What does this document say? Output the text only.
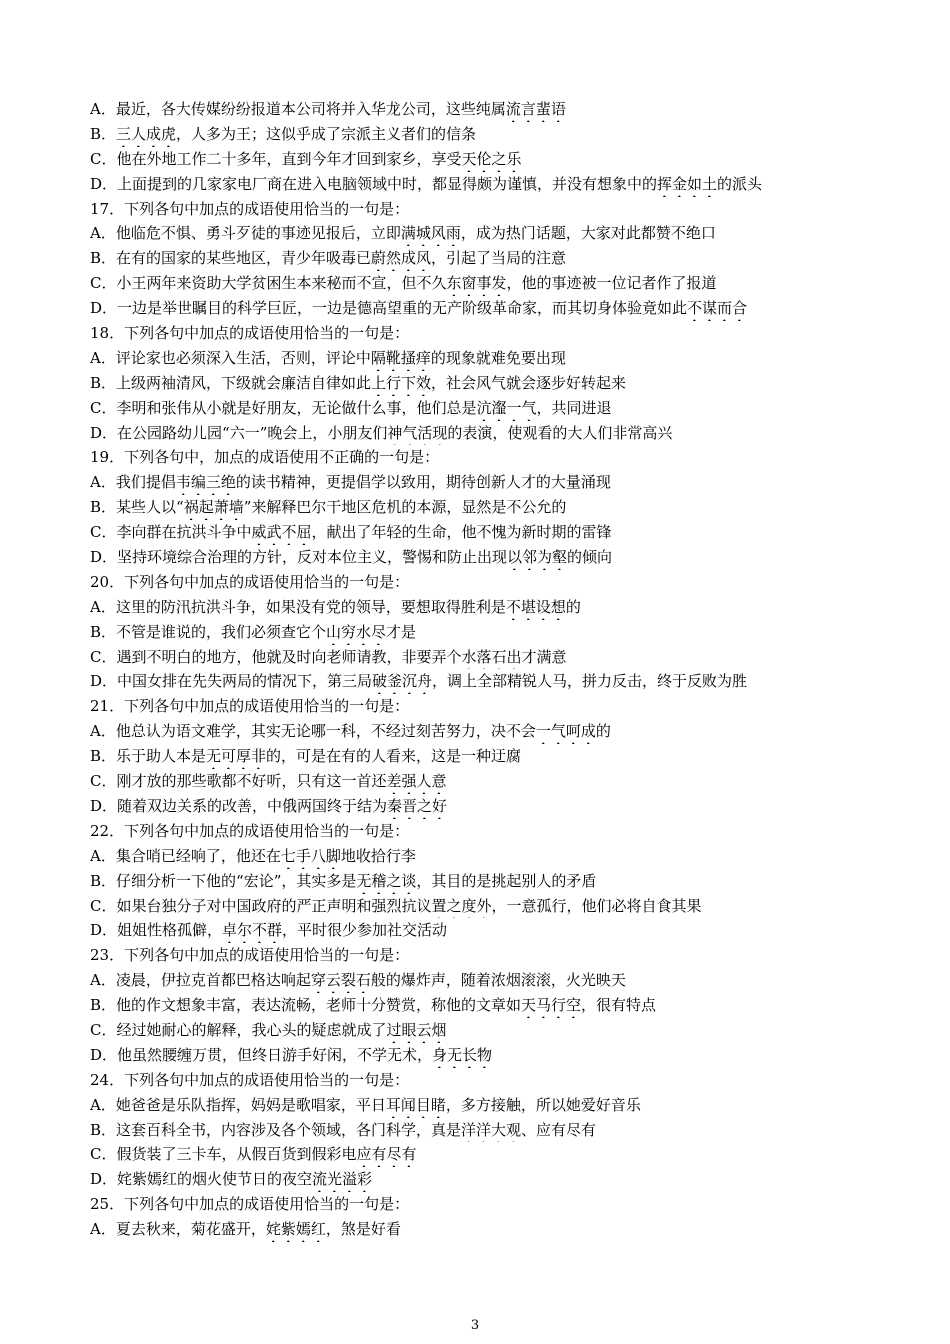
A．最近，各大传媒纷纷报道本公司将并入华龙公司，这些纯属流言蜚语
B．三人成虎，人多为王；这似乎成了宗派主义者们的信条
C．他在外地工作二十多年，直到今年才回到家乡，享受天伦之乐
D．上面提到的几家家电厂商在进入电脑领域中时，都显得颇为谨慎，并没有想象中的挥金如土的派头
17．下列各句中加点的成语使用恰当的一句是：
A．他临危不惧、勇斗歹徒的事迹见报后，立即满城风雨，成为热门话题，大家对此都赞不绝口
B．在有的国家的某些地区，青少年吸毒已蔚然成风，引起了当局的注意
C．小王两年来资助大学贫困生本来秘而不宣，但不久东窗事发，他的事迹被一位记者作了报道
D．一边是举世瞩目的科学巨匠，一边是德高望重的无产阶级革命家，而其切身体验竟如此不谋而合
18．下列各句中加点的成语使用恰当的一句是：
A．评论家也必须深入生活，否则，评论中隔靴搔痒的现象就难免要出现
B．上级两袖清风，下级就会廉洁自律如此上行下效，社会风气就会逐步好转起来
C．李明和张伟从小就是好朋友，无论做什么事，他们总是沆瀣一气，共同进退
D．在公园路幼儿园“六一”晚会上，小朋友们神气活现的表演，使观看的大人们非常高兴
19．下列各句中，加点的成语使用不正确的一句是：
A．我们提倡韦编三绝的读书精神，更提倡学以致用，期待创新人才的大量涌现
B．某些人以“祸起萧墙”来解释巴尔干地区危机的本源，显然是不公允的
C．李向群在抗洪斗争中威武不屈，献出了年轻的生命，他不愧为新时期的雷锋
D．坚持环境综合治理的方针，反对本位主义，警惕和防止出现以邻为壑的倾向
20．下列各句中加点的成语使用恰当的一句是：
A．这里的防汛抗洪斗争，如果没有党的领导，要想取得胜利是不堪设想的
B．不管是谁说的，我们必须查它个山穷水尽才是
C．遇到不明白的地方，他就及时向老师请教，非要弄个水落石出才满意
D．中国女排在先失两局的情况下，第三局破釜沉舟，调上全部精锐人马，拼力反击，终于反败为胜
21．下列各句中加点的成语使用恰当的一句是：
A．他总认为语文难学，其实无论哪一科，不经过刻苦努力，决不会一气呵成的
B．乐于助人本是无可厚非的，可是在有的人看来，这是一种迂腐
C．刚才放的那些歌都不好听，只有这一首还差强人意
D．随着双边关系的改善，中俄两国终于结为秦晋之好
22．下列各句中加点的成语使用恰当的一句是：
A．集合哨已经响了，他还在七手八脚地收拾行李
B．仔细分析一下他的“宏论”，其实多是无稽之谈，其目的是挑起别人的矛盾
C．如果台独分子对中国政府的严正声明和强烈抗议置之度外，一意孤行，他们必将自食其果
D．姐姐性格孤僻，卓尔不群，平时很少参加社交活动
23．下列各句中加点的成语使用恰当的一句是：
A．凌晨，伊拉克首都巴格达响起穿云裂石般的爆炸声，随着浓烟滚滚，火光映天
B．他的作文想象丰富，表达流畅，老师十分赞赏，称他的文章如天马行空，很有特点
C．经过她耐心的解释，我心头的疑虑就成了过眼云烟
D．他虽然腰缠万贯，但终日游手好闲，不学无术，身无长物
24．下列各句中加点的成语使用恰当的一句是：
A．她爸爸是乐队指挥，妈妈是歌唱家，平日耳闻目睹，多方接触，所以她爱好音乐
B．这套百科全书，内容涉及各个领域，各门科学，真是洋洋大观、应有尽有
C．假货装了三卡车，从假百货到假彩电应有尽有
D．姹紫嫣红的烟火使节日的夜空流光溢彩
25．下列各句中加点的成语使用恰当的一句是：
A．夏去秋来，菊花盛开，姹紫嫣红，煞是好看
3
